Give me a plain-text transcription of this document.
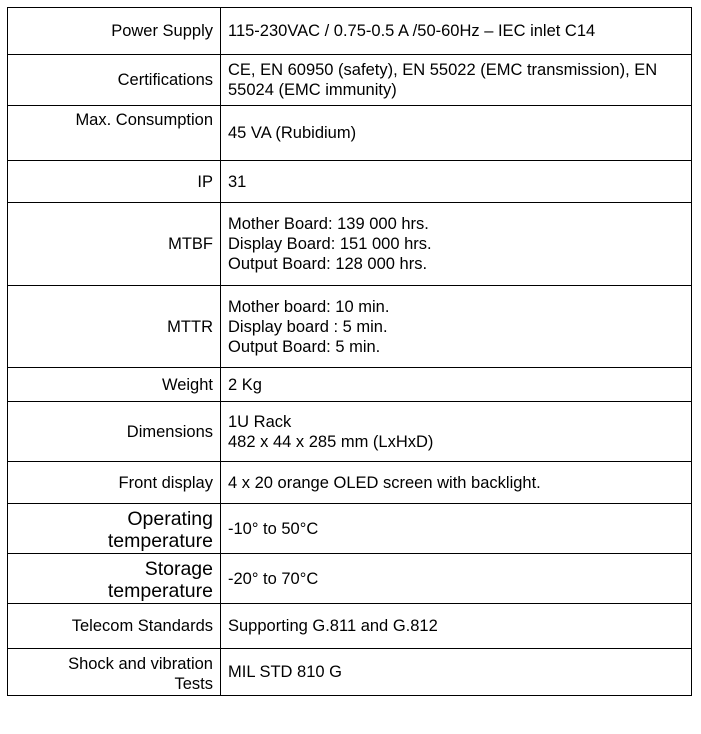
Power Supply	115-230VAC / 0.75-0.5 A /50-60Hz – IEC inlet C14

Certifications	CE, EN 60950 (safety), EN 55022 (EMC transmission), EN 55024 (EMC immunity)

Max. Consumption	45 VA (Rubidium)

IP	31

MTBF	Mother Board: 139 000 hrs.
Display Board: 151 000 hrs.
Output Board: 128 000 hrs.

MTTR	Mother board: 10 min.
Display board : 5 min.
Output Board: 5 min.

Weight	2 Kg

Dimensions	1U Rack
482 x 44 x 285 mm (LxHxD)

Front display	4 x 20 orange OLED screen with backlight.

Operating
temperature	-10° to 50°C

Storage
temperature	-20° to 70°C

Telecom Standards	Supporting G.811 and G.812

Shock and vibration
Tests	MIL STD 810 G
